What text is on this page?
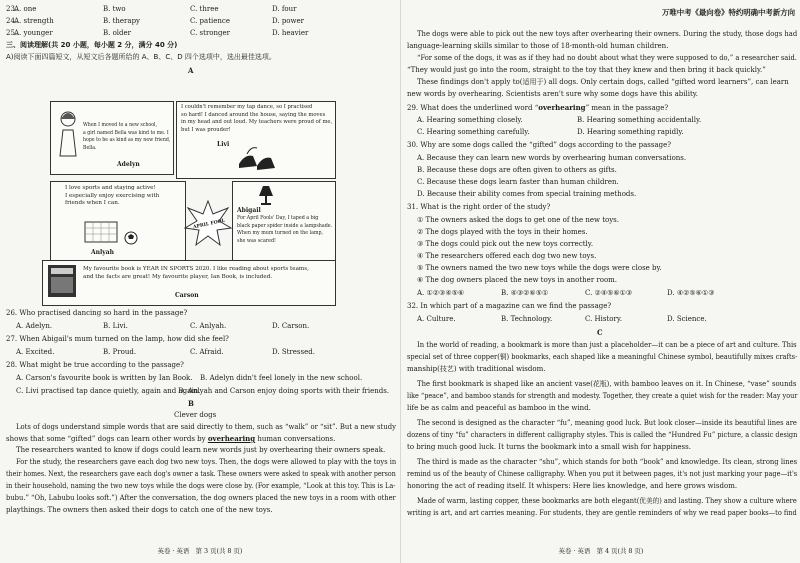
23.
A. one	B. two	C. three	D. four
24.
A. strength	B. therapy	C. patience	D. power
25.
A. younger	B. older	C. stronger	D. heavier
三、阅读理解(共 20 小题，每小题 2 分，满分 40 分)
A)阅读下面四篇短文，从短文后各题所给的 A、B、C、D 四个选项中，选出最佳选项。
A
When I moved to a new school,
a girl named Bella was kind to me. I
hope to be as kind as my new friend,
Bella.
Adelyn
I couldn't remember my tap dance, so I practised
so hard! I danced around the house, saying the moves
in my head and out loud. My teachers were proud of me,
but I was prouder!
Livi
I love sports and staying active!
I especially enjoy exercising with
friends when I can.
Anlyah
APRIL FOOL
Abigail
For April Fools' Day, I taped a big
black paper spider inside a lampshade.
When my mum turned on the lamp,
she was scared!
My favourite book is YEAR IN SPORTS 2020. I like reading about sports teams,
and the facts are great! My favourite player, Ian Book, is included.
Carson
26. Who practised dancing so hard in the passage?
A. Adelyn.	B. Livi.	C. Anlyah.	D. Carson.
27. When Abigail's mum turned on the lamp, how did she feel?
A. Excited.	B. Proud.	C. Afraid.	D. Stressed.
28. What might be true according to the passage?
A. Carson's favourite book is written by Ian Book. B. Adelyn didn't feel lonely in the new school.
C. Livi practised tap dance quietly, again and again.
D. Anlyah and Carson enjoy doing sports with their friends.
B
Clever dogs
Lots of dogs understand simple words that are said directly to them, such as “walk” or “sit”. But a new study
shows that some “gifted” dogs can learn other words by overhearing human conversations.
The researchers wanted to know if dogs could learn new words just by overhearing their owners speak.
For the study, the researchers gave each dog two new toys. Then, the dogs were allowed to play with the toys in
their homes. Next, the researchers gave each dog's owner a task. These owners were asked to speak with another person
in their household, naming the two new toys while the dogs were close by. (For example, “Look at this toy. This is La-
bubu.” “Oh, Labubu looks soft.”) After the conversation, the dog owners placed the new toys in a room with other
playthings. The owners then asked their dogs to catch one of the new toys.
英卷 · 英语　第 3 页(共 8 页)
万唯中考《最向卷》特约明确中考新方向
The dogs were able to pick out the new toys after overhearing their owners. During the study, those dogs had
language-learning skills similar to those of 18-month-old human children.
“For some of the dogs, it was as if they had no doubt about what they were supposed to do,” a researcher said.
“They would just go into the room, straight to the toy that they knew and then bring it back quickly.”
These findings don't apply to(适用于) all dogs. Only certain dogs, called “gifted word learners”, can learn
new words by overhearing. Scientists aren't sure why some dogs have this ability.
29. What does the underlined word “overhearing” mean in the passage?
A. Hearing something closely.	B. Hearing something accidentally.
C. Hearing something carefully.	D. Hearing something rapidly.
30. Why are some dogs called the “gifted” dogs according to the passage?
A. Because they can learn new words by overhearing human conversations.
B. Because these dogs are often given to others as gifts.
C. Because these dogs learn faster than human children.
D. Because their ability comes from special training methods.
31. What is the right order of the study?
① The owners asked the dogs to get one of the new toys.
② The dogs played with the toys in their homes.
③ The dogs could pick out the new toys correctly.
④ The researchers offered each dog two new toys.
⑤ The owners named the two new toys while the dogs were close by.
⑥ The dog owners placed the new toys in another room.
A. ①②③④⑤⑥	B. ④③②⑥⑤①	C. ②④⑤⑥①③	D. ④②⑤⑥①③
32. In which part of a magazine can we find the passage?
A. Culture.	B. Technology.	C. History.	D. Science.
C
In the world of reading, a bookmark is more than just a placeholder—it can be a piece of art and culture. This
special set of three copper(铜) bookmarks, each shaped like a meaningful Chinese symbol, beautifully mixes crafts-
manship(技艺) with traditional wisdom.
The first bookmark is shaped like an ancient vase(花瓶), with bamboo leaves on it. In Chinese, “vase” sounds
like “peace”, and bamboo stands for strength and modesty. Together, they create a quiet wish for the reader: May your
life be as calm and peaceful as bamboo in the wind.
The second is designed as the character “fu”, meaning good luck. But look closer—inside its beautiful lines are
dozens of tiny “fu” characters in different calligraphy styles. This is called the “Hundred Fu” picture, a classic design
to bring much good luck. It turns the bookmark into a small wish for happiness.
The third is made as the character “shu”, which stands for both “book” and knowledge. Its clean, strong lines
remind us of the beauty of Chinese calligraphy. When you put it between pages, it's not just marking your page—it's
honoring the act of reading itself. It whispers: Here lies knowledge, and here grows wisdom.
Made of warm, lasting copper, these bookmarks are both elegant(优美的) and lasting. They show a culture where
writing is art, and art carries meaning. For students, they are gentle reminders of why we read paper books—to find
英卷 · 英语　第 4 页(共 8 页)
